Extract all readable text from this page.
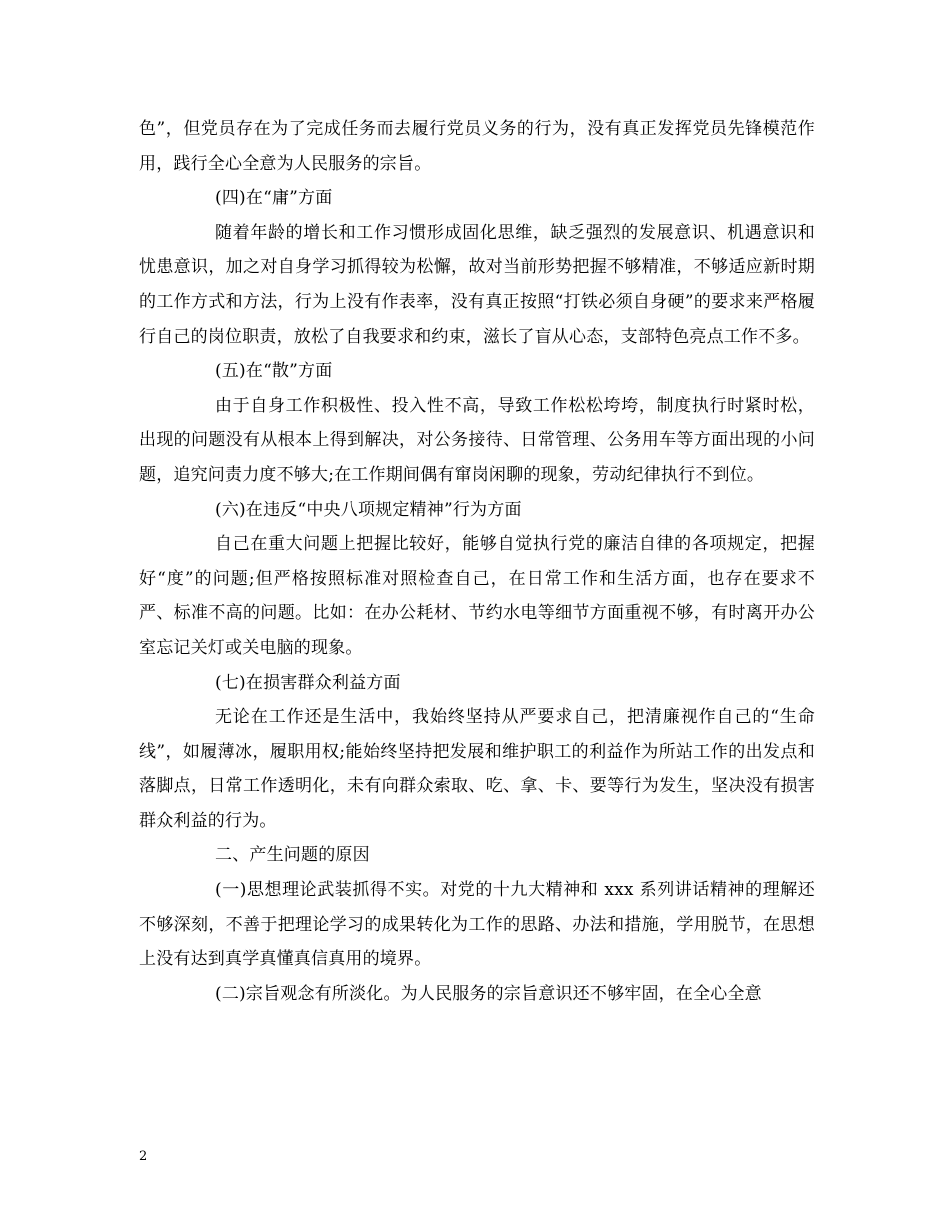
色”，但党员存在为了完成任务而去履行党员义务的行为，没有真正发挥党员先锋模范作用，践行全心全意为人民服务的宗旨。

(四)在“庸”方面

随着年龄的增长和工作习惯形成固化思维，缺乏强烈的发展意识、机遇意识和忧患意识，加之对自身学习抓得较为松懈，故对当前形势把握不够精准，不够适应新时期的工作方式和方法，行为上没有作表率，没有真正按照“打铁必须自身硬”的要求来严格履行自己的岗位职责，放松了自我要求和约束，滋长了盲从心态，支部特色亮点工作不多。

(五)在“散”方面

由于自身工作积极性、投入性不高，导致工作松松垮垮，制度执行时紧时松，出现的问题没有从根本上得到解决，对公务接待、日常管理、公务用车等方面出现的小问题，追究问责力度不够大;在工作期间偶有窜岗闲聊的现象，劳动纪律执行不到位。

(六)在违反“中央八项规定精神”行为方面

自己在重大问题上把握比较好，能够自觉执行党的廉洁自律的各项规定，把握好“度”的问题;但严格按照标准对照检查自己，在日常工作和生活方面，也存在要求不严、标准不高的问题。比如：在办公耗材、节约水电等细节方面重视不够，有时离开办公室忘记关灯或关电脑的现象。

(七)在损害群众利益方面

无论在工作还是生活中，我始终坚持从严要求自己，把清廉视作自己的“生命线”，如履薄冰，履职用权;能始终坚持把发展和维护职工的利益作为所站工作的出发点和落脚点，日常工作透明化，未有向群众索取、吃、拿、卡、要等行为发生，坚决没有损害群众利益的行为。

二、产生问题的原因

(一)思想理论武装抓得不实。对党的十九大精神和 xxx 系列讲话精神的理解还不够深刻，不善于把理论学习的成果转化为工作的思路、办法和措施，学用脱节，在思想上没有达到真学真懂真信真用的境界。

(二)宗旨观念有所淡化。为人民服务的宗旨意识还不够牢固，在全心全意

2
